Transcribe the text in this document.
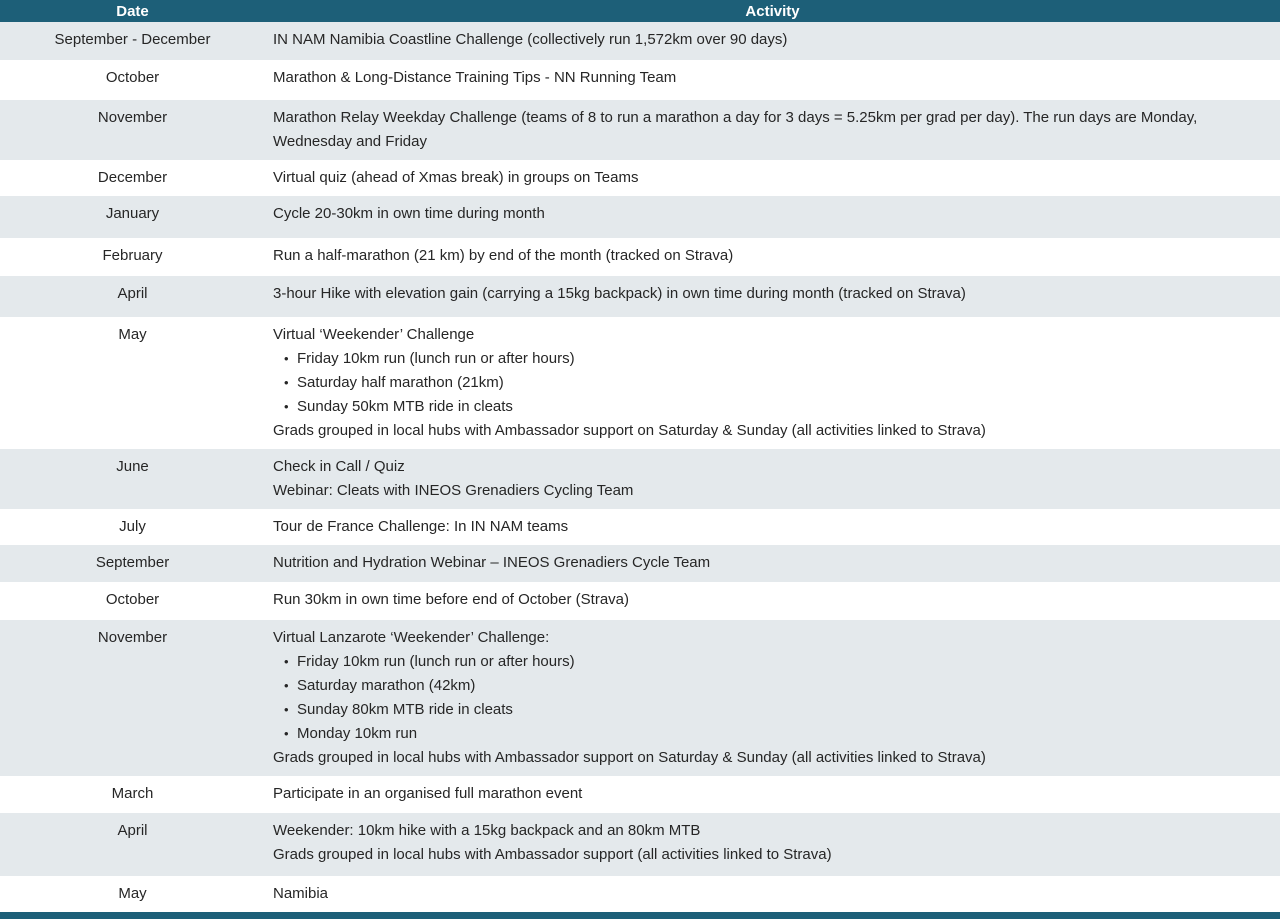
Date	Activity
September - December	IN NAM Namibia Coastline Challenge (collectively run 1,572km over 90 days)
October	Marathon & Long-Distance Training Tips - NN Running Team
November	Marathon Relay Weekday Challenge (teams of 8 to run a marathon a day for 3 days = 5.25km per grad per day). The run days are Monday, Wednesday and Friday
December	Virtual quiz (ahead of Xmas break) in groups on Teams
January	Cycle 20-30km in own time during month
February	Run a half-marathon (21 km) by end of the month (tracked on Strava)
April	3-hour Hike with elevation gain (carrying a 15kg backpack) in own time during month (tracked on Strava)
May	Virtual ‘Weekender’ Challenge
• Friday 10km run (lunch run or after hours)
• Saturday half marathon (21km)
• Sunday 50km MTB ride in cleats
Grads grouped in local hubs with Ambassador support on Saturday & Sunday (all activities linked to Strava)
June	Check in Call / Quiz
Webinar: Cleats with INEOS Grenadiers Cycling Team
July	Tour de France Challenge: In IN NAM teams
September	Nutrition and Hydration Webinar – INEOS Grenadiers Cycle Team
October	Run 30km in own time before end of October (Strava)
November	Virtual Lanzarote ‘Weekender’ Challenge:
• Friday 10km run (lunch run or after hours)
• Saturday marathon (42km)
• Sunday 80km MTB ride in cleats
• Monday 10km run
Grads grouped in local hubs with Ambassador support on Saturday & Sunday (all activities linked to Strava)
March	Participate in an organised full marathon event
April	Weekender: 10km hike with a 15kg backpack and an 80km MTB
Grads grouped in local hubs with Ambassador support (all activities linked to Strava)
May	Namibia
